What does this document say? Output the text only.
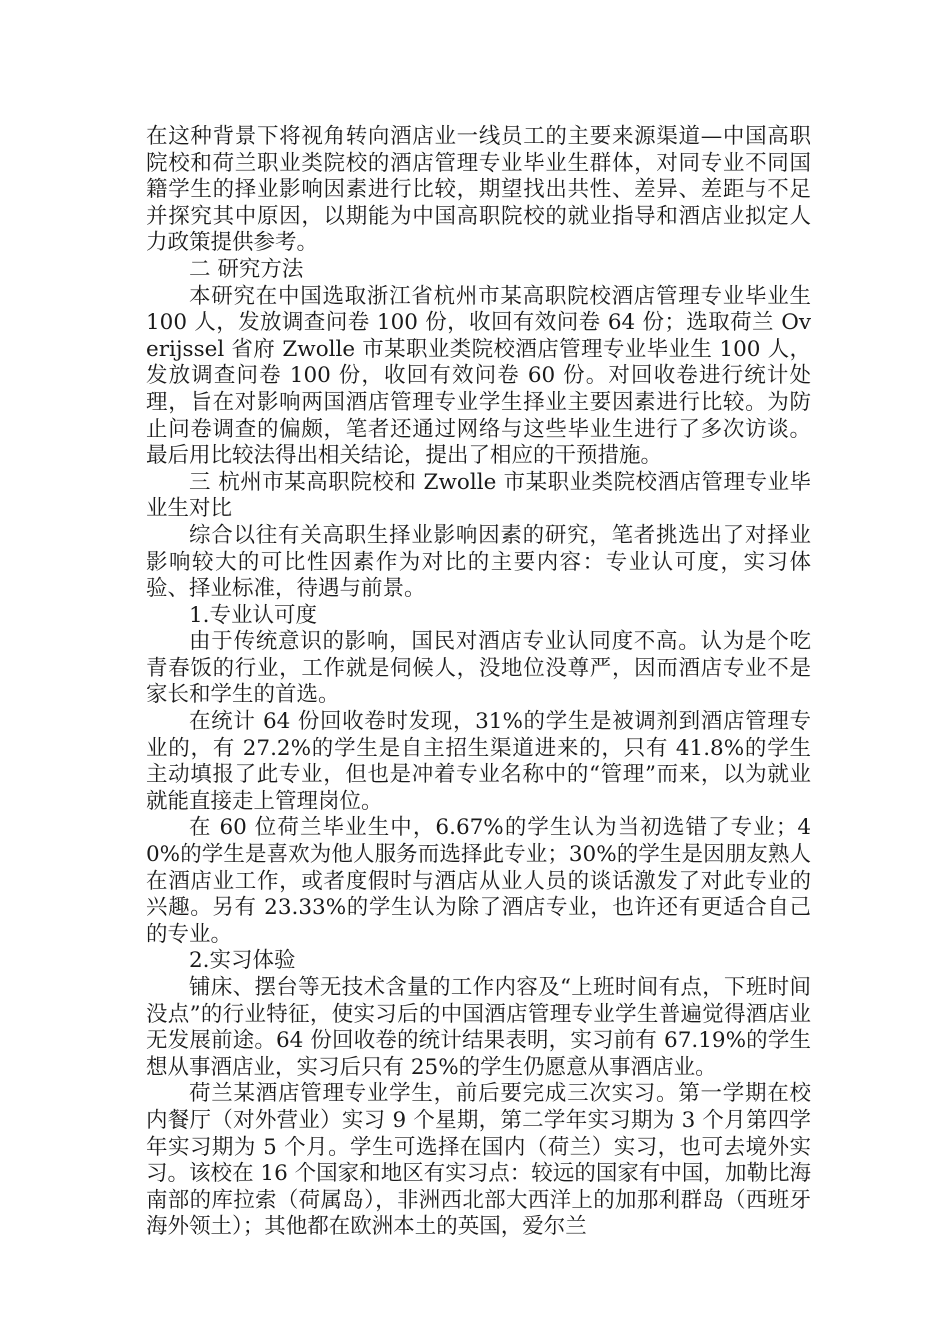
在这种背景下将视角转向酒店业一线员工的主要来源渠道—中国高职院校和荷兰职业类院校的酒店管理专业毕业生群体，对同专业不同国籍学生的择业影响因素进行比较，期望找出共性、差异、差距与不足并探究其中原因，以期能为中国高职院校的就业指导和酒店业拟定人力政策提供参考。

二 研究方法

本研究在中国选取浙江省杭州市某高职院校酒店管理专业毕业生 100 人，发放调查问卷 100 份，收回有效问卷 64 份；选取荷兰 Overijssel 省府 Zwolle 市某职业类院校酒店管理专业毕业生 100 人，发放调查问卷 100 份，收回有效问卷 60 份。对回收卷进行统计处理，旨在对影响两国酒店管理专业学生择业主要因素进行比较。为防止问卷调查的偏颇，笔者还通过网络与这些毕业生进行了多次访谈。最后用比较法得出相关结论，提出了相应的干预措施。

三 杭州市某高职院校和 Zwolle 市某职业类院校酒店管理专业毕业生对比

综合以往有关高职生择业影响因素的研究，笔者挑选出了对择业影响较大的可比性因素作为对比的主要内容：专业认可度，实习体验、择业标准，待遇与前景。

1.专业认可度

由于传统意识的影响，国民对酒店专业认同度不高。认为是个吃青春饭的行业，工作就是伺候人，没地位没尊严，因而酒店专业不是家长和学生的首选。

在统计 64 份回收卷时发现，31%的学生是被调剂到酒店管理专业的，有 27.2%的学生是自主招生渠道进来的，只有 41.8%的学生主动填报了此专业，但也是冲着专业名称中的“管理”而来，以为就业就能直接走上管理岗位。

在 60 位荷兰毕业生中，6.67%的学生认为当初选错了专业；40%的学生是喜欢为他人服务而选择此专业；30%的学生是因朋友熟人在酒店业工作，或者度假时与酒店从业人员的谈话激发了对此专业的兴趣。另有 23.33%的学生认为除了酒店专业，也许还有更适合自己的专业。

2.实习体验

铺床、摆台等无技术含量的工作内容及“上班时间有点，下班时间没点”的行业特征，使实习后的中国酒店管理专业学生普遍觉得酒店业无发展前途。64 份回收卷的统计结果表明，实习前有 67.19%的学生想从事酒店业，实习后只有 25%的学生仍愿意从事酒店业。

荷兰某酒店管理专业学生，前后要完成三次实习。第一学期在校内餐厅（对外营业）实习 9 个星期，第二学年实习期为 3 个月第四学年实习期为 5 个月。学生可选择在国内（荷兰）实习，也可去境外实习。该校在 16 个国家和地区有实习点：较远的国家有中国，加勒比海南部的库拉索（荷属岛），非洲西北部大西洋上的加那利群岛（西班牙海外领土）；其他都在欧洲本土的英国，爱尔兰
